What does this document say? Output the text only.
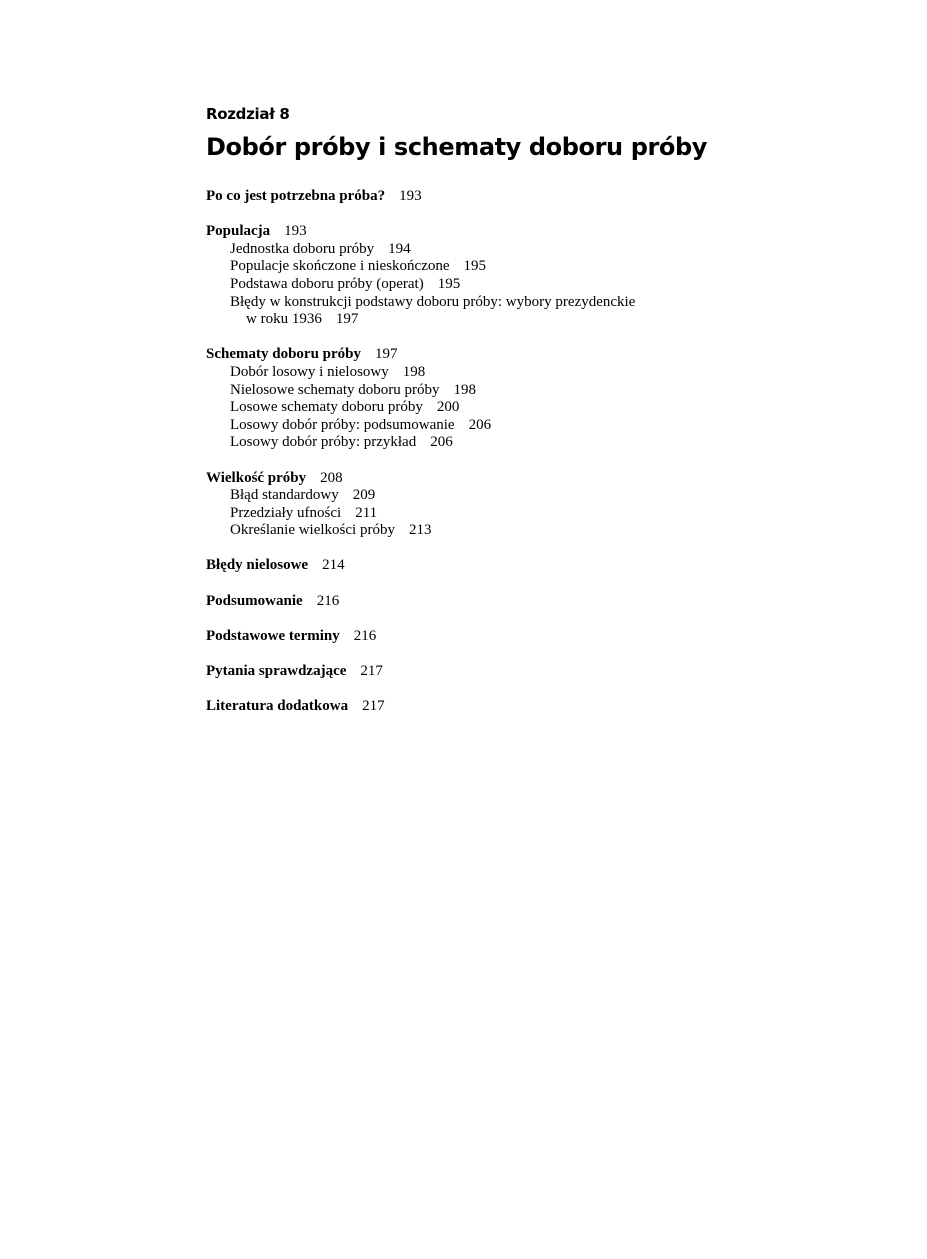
Rozdział 8
Dobór próby i schematy doboru próby
Po co jest potrzebna próba? 193
Populacja 193
Jednostka doboru próby 194
Populacje skończone i nieskończone 195
Podstawa doboru próby (operat) 195
Błędy w konstrukcji podstawy doboru próby: wybory prezydenckie
w roku 1936 197
Schematy doboru próby 197
Dobór losowy i nielosowy 198
Nielosowe schematy doboru próby 198
Losowe schematy doboru próby 200
Losowy dobór próby: podsumowanie 206
Losowy dobór próby: przykład 206
Wielkość próby 208
Błąd standardowy 209
Przedziały ufności 211
Określanie wielkości próby 213
Błędy nielosowe 214
Podsumowanie 216
Podstawowe terminy 216
Pytania sprawdzające 217
Literatura dodatkowa 217
